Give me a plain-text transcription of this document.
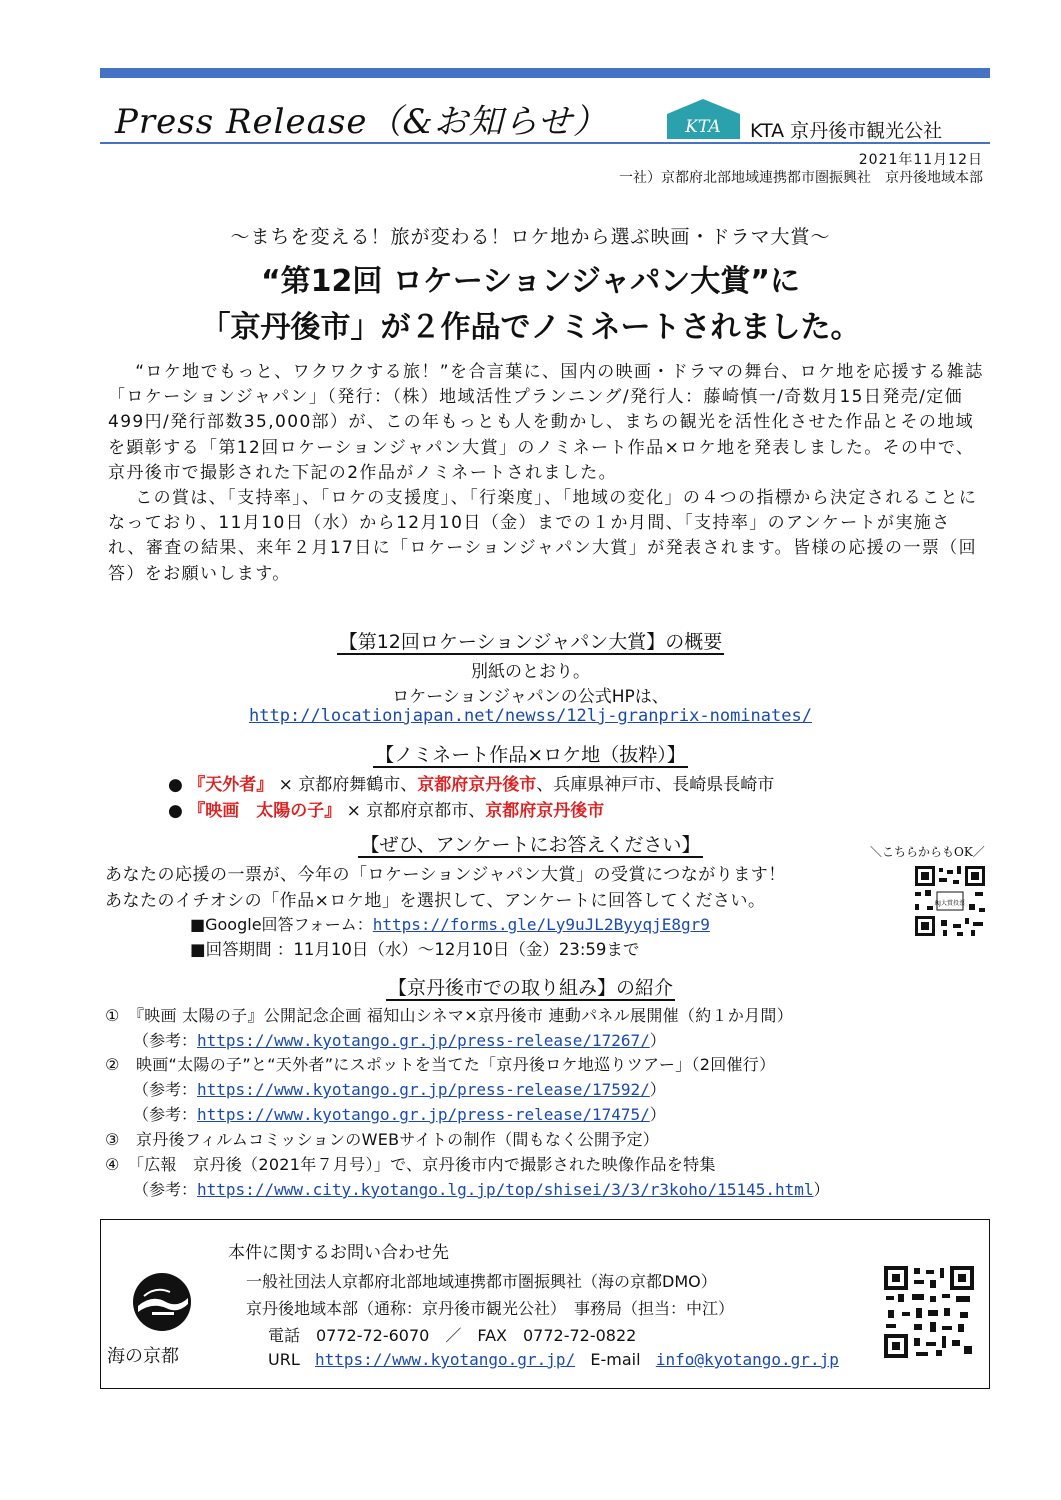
Press Release（&お知らせ）	KTA KTA 京丹後市観光公社
2021年11月12日
一社）京都府北部地域連携都市圏振興社　京丹後地域本部
～まちを変える！旅が変わる！ロケ地から選ぶ映画・ドラマ大賞～
“第12回 ロケーションジャパン大賞”に
「京丹後市」が２作品でノミネートされました。

“ロケ地でもっと、ワクワクする旅！”を合言葉に、国内の映画・ドラマの舞台、ロケ地を応援する雑誌「ロケーションジャパン」（発行：（株）地域活性プランニング/発行人：藤崎慎一/奇数月15日発売/定価499円/発行部数35,000部）が、この年もっとも人を動かし、まちの観光を活性化させた作品とその地域を顕彰する「第12回ロケーションジャパン大賞」のノミネート作品×ロケ地を発表しました。その中で、京丹後市で撮影された下記の2作品がノミネートされました。

この賞は、「支持率」、「ロケの支援度」、「行楽度」、「地域の変化」の４つの指標から決定されることになっており、11月10日（水）から12月10日（金）までの１か月間、「支持率」のアンケートが実施され、審査の結果、来年２月17日に「ロケーションジャパン大賞」が発表されます。皆様の応援の一票（回答）をお願いします。

【第12回ロケーションジャパン大賞】の概要
別紙のとおり。
ロケーションジャパンの公式HPは、
http://locationjapan.net/newss/12lj-granprix-nominates/
【ノミネート作品×ロケ地（抜粋）】
● 『天外者』 × 京都府舞鶴市、京都府京丹後市、兵庫県神戸市、長崎県長崎市
● 『映画　太陽の子』 × 京都府京都市、京都府京丹後市
【ぜひ、アンケートにお答えください】	＼こちらからもOK／
RJ大賞投票
あなたの応援の一票が、今年の「ロケーションジャパン大賞」の受賞につながります！
あなたのイチオシの「作品×ロケ地」を選択して、アンケートに回答してください。
■Google回答フォーム：https://forms.gle/Ly9uJL2ByyqjE8gr9
■回答期間 ：11月10日（水）～12月10日（金）23:59まで
【京丹後市での取り組み】の紹介
①　『映画 太陽の子』公開記念企画 福知山シネマ×京丹後市 連動パネル展開催（約１か月間）
（参考：https://www.kyotango.gr.jp/press-release/17267/）
②　映画“太陽の子”と“天外者”にスポットを当てた「京丹後ロケ地巡りツアー」（2回催行）
（参考：https://www.kyotango.gr.jp/press-release/17592/）
（参考：https://www.kyotango.gr.jp/press-release/17475/）
③　京丹後フィルムコミッションのWEBサイトの制作（間もなく公開予定）
④　「広報　京丹後（2021年７月号）」で、京丹後市内で撮影された映像作品を特集
（参考：https://www.city.kyotango.lg.jp/top/shisei/3/3/r3koho/15145.html）
本件に関するお問い合わせ先
一般社団法人京都府北部地域連携都市圏振興社（海の京都DMO）
京丹後地域本部（通称：京丹後市観光公社）　事務局（担当：中江）
電話　0772-72-6070　／　FAX　0772-72-0822
URL https://www.kyotango.gr.jp/ E-mail info@kyotango.gr.jp
海の京都
